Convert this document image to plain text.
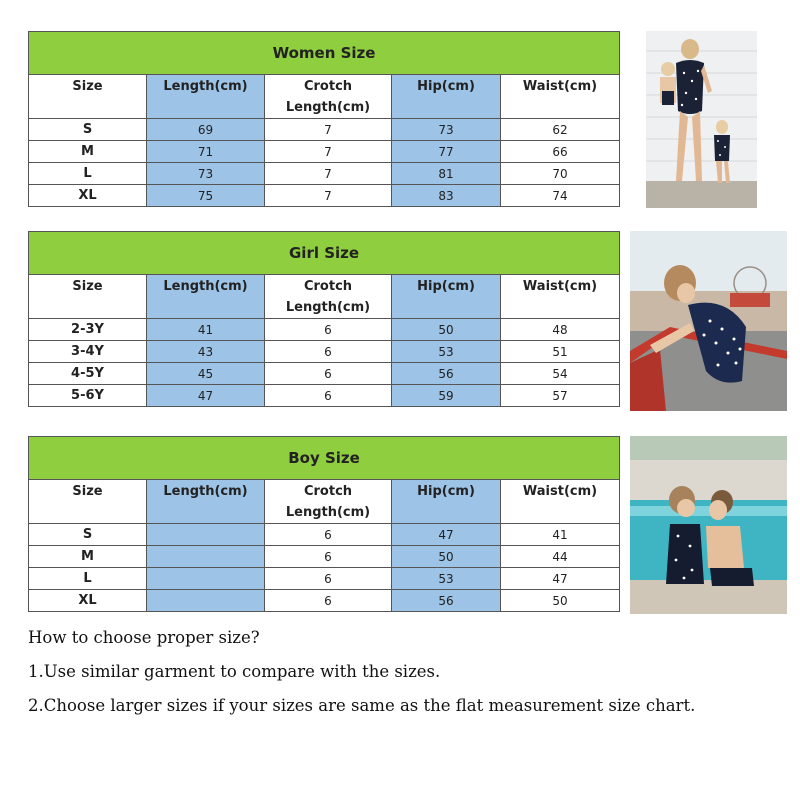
Women Size				
Size	Length(cm)	Crotch
Length(cm)	Hip(cm)	Waist(cm)
S	69	7	73	62
M	71	7	77	66
L	73	7	81	70
XL	75	7	83	74
Girl Size				
Size	Length(cm)	Crotch
Length(cm)	Hip(cm)	Waist(cm)
2-3Y	41	6	50	48
3-4Y	43	6	53	51
4-5Y	45	6	56	54
5-6Y	47	6	59	57
Boy Size				
Size	Length(cm)	Crotch
Length(cm)	Hip(cm)	Waist(cm)
S		6	47	41
M		6	50	44
L		6	53	47
XL		6	56	50
How to choose proper size?
1.Use similar garment to compare with the sizes.
2.Choose larger sizes if your sizes are same as the flat measurement size chart.
